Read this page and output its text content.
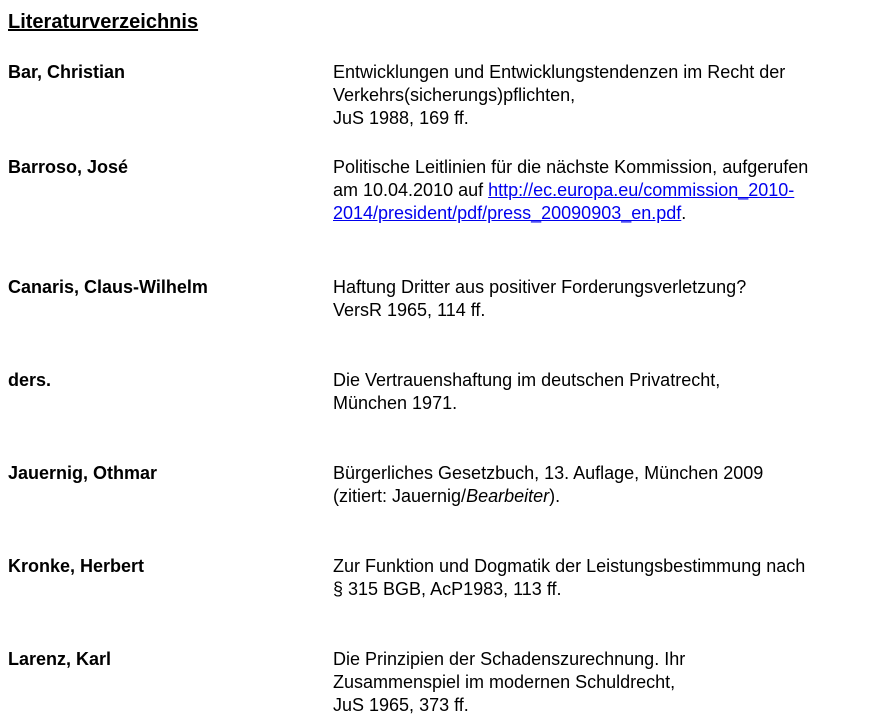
Literaturverzeichnis
Bar, Christian	Entwicklungen und Entwicklungstendenzen im Recht der
Verkehrs(sicherungs)pflichten,
JuS 1988, 169 ff.
Barroso, José	Politische Leitlinien für die nächste Kommission, aufgerufen
am 10.04.2010 auf http://ec.europa.eu/commission_2010-
2014/president/pdf/press_20090903_en.pdf.
Canaris, Claus-Wilhelm	Haftung Dritter aus positiver Forderungsverletzung?
VersR 1965, 114 ff.
ders.	Die Vertrauenshaftung im deutschen Privatrecht,
München 1971.
Jauernig, Othmar	Bürgerliches Gesetzbuch, 13. Auflage, München 2009
(zitiert: Jauernig/Bearbeiter).
Kronke, Herbert	Zur Funktion und Dogmatik der Leistungsbestimmung nach
§ 315 BGB, AcP1983, 113 ff.
Larenz, Karl	Die Prinzipien der Schadenszurechnung. Ihr
Zusammenspiel im modernen Schuldrecht,
JuS 1965, 373 ff.
